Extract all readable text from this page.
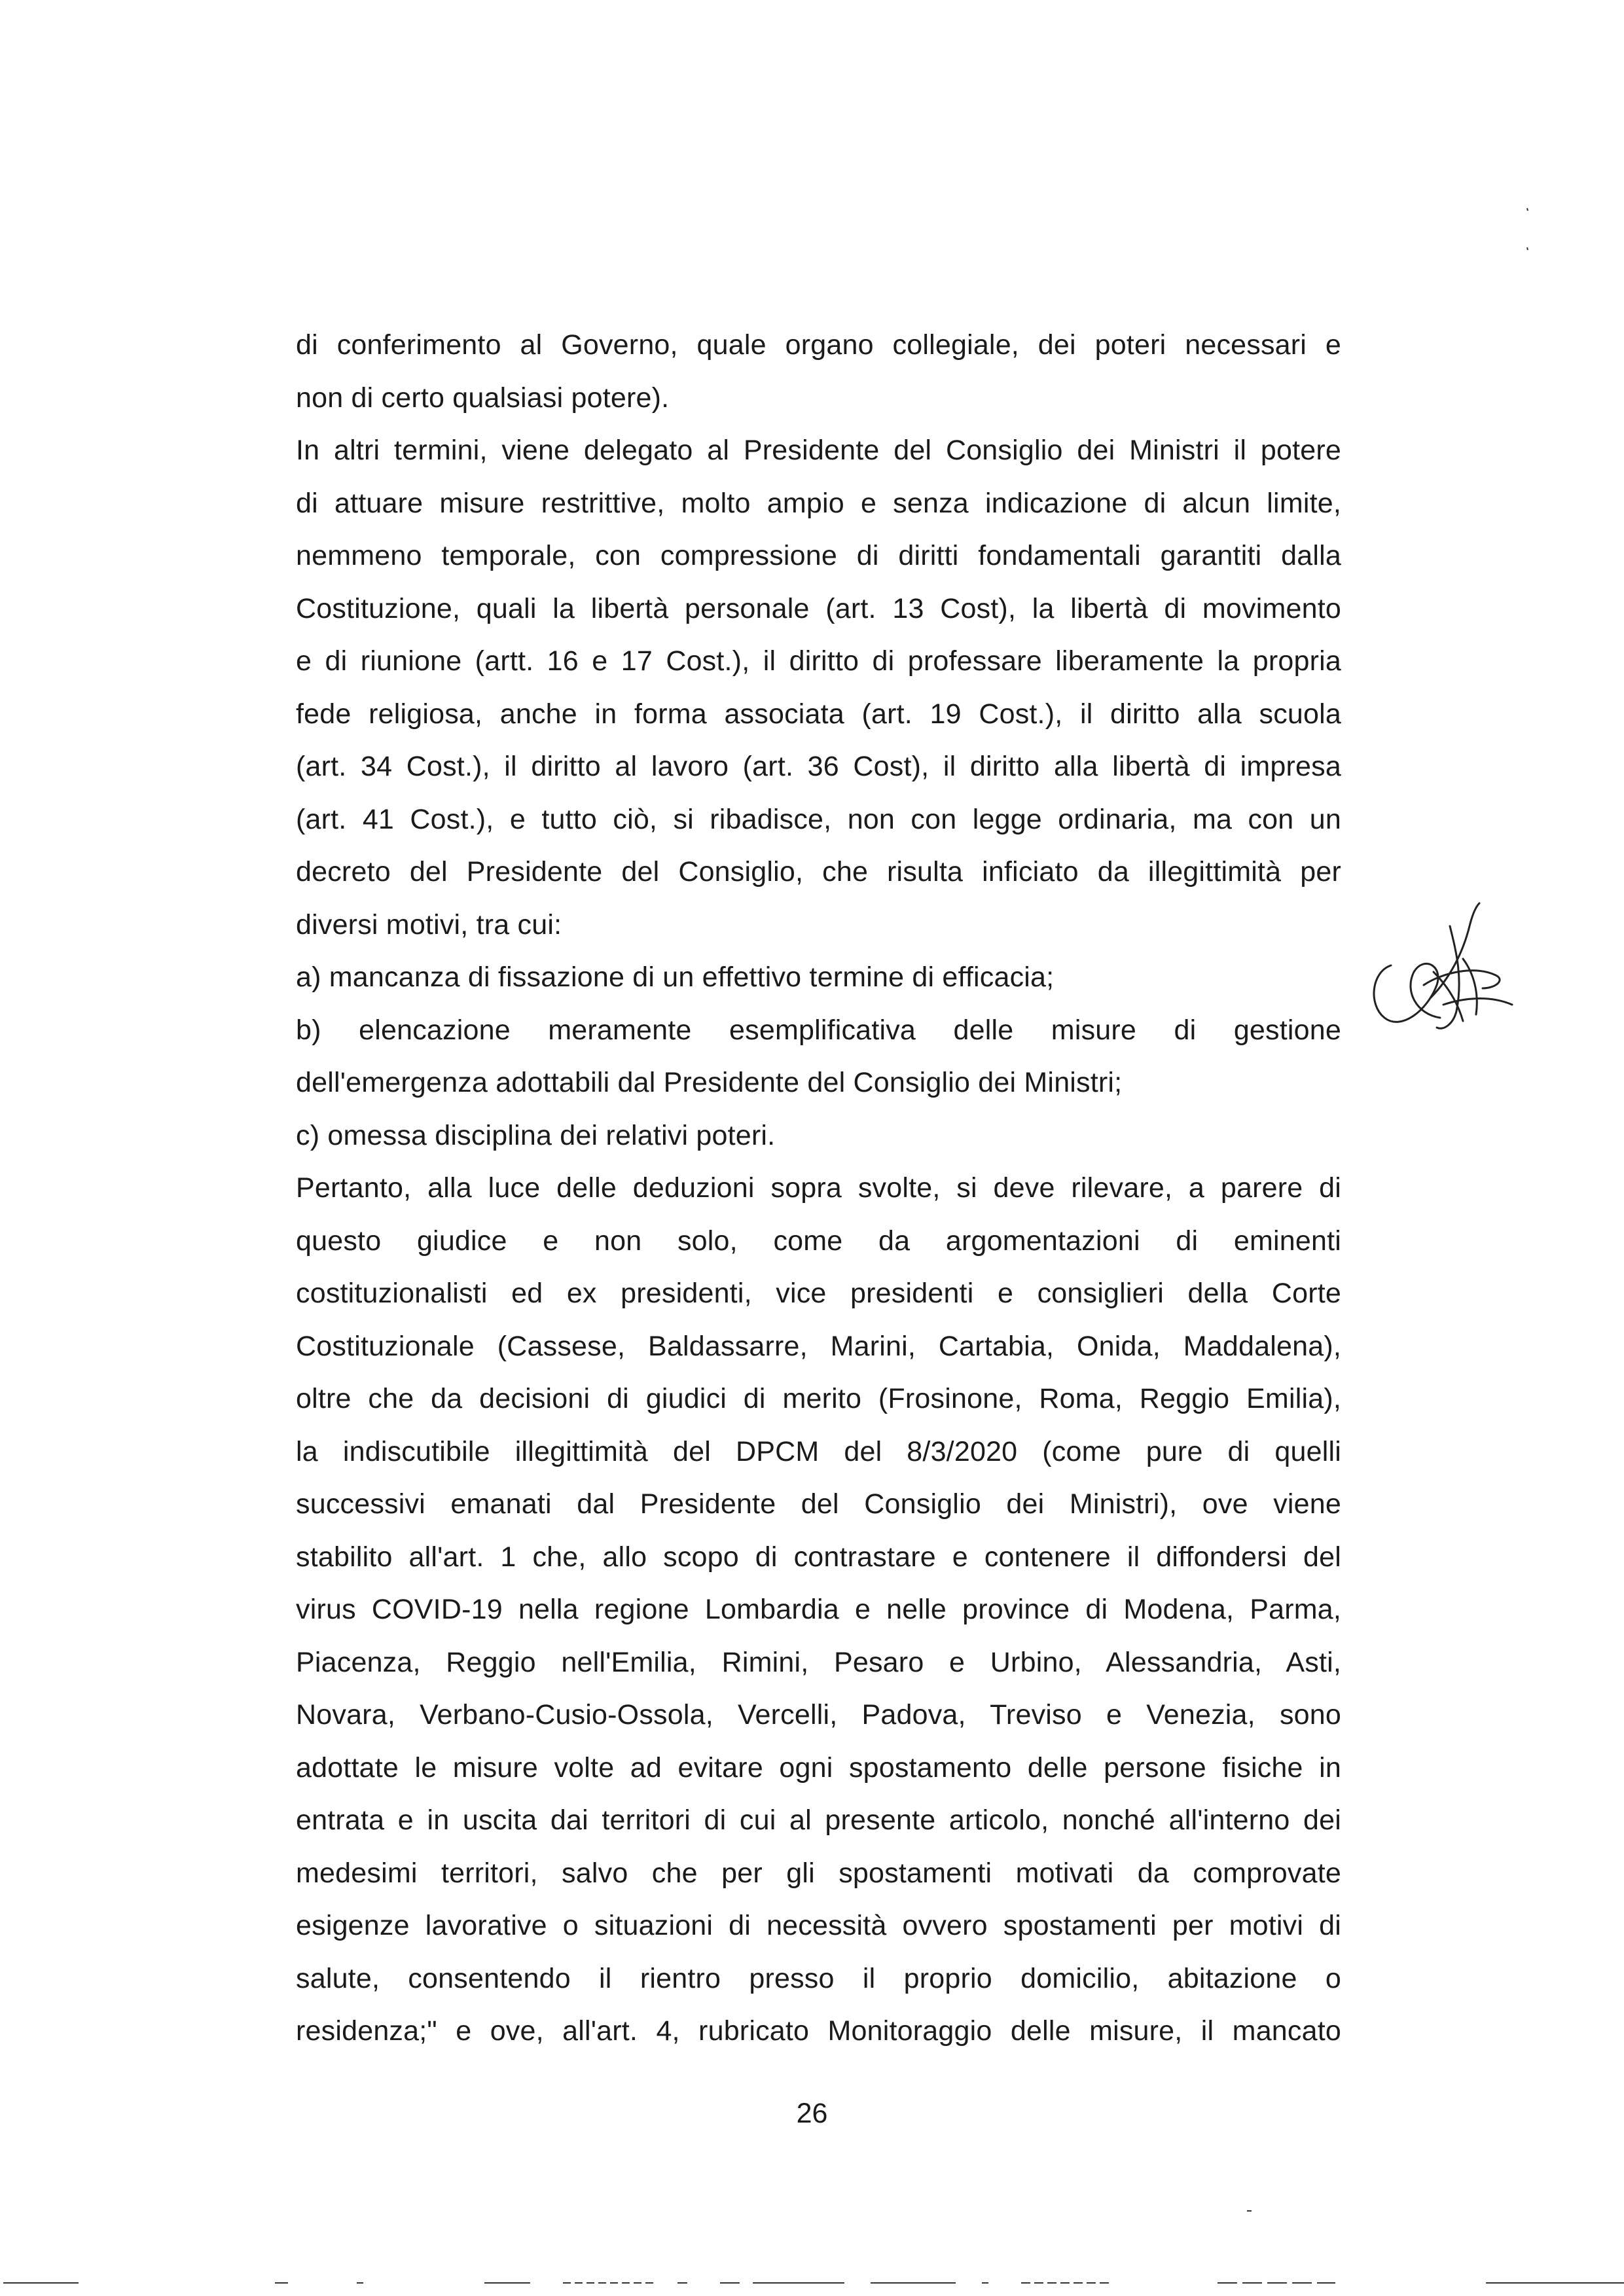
di conferimento al Governo, quale organo collegiale, dei poteri necessari e
non di certo qualsiasi potere).
In altri termini, viene delegato al Presidente del Consiglio dei Ministri il potere
di attuare misure restrittive, molto ampio e senza indicazione di alcun limite,
nemmeno temporale, con compressione di diritti fondamentali garantiti dalla
Costituzione, quali la libertà personale (art. 13 Cost), la libertà di movimento
e di riunione (artt. 16 e 17 Cost.), il diritto di professare liberamente la propria
fede religiosa, anche in forma associata (art. 19 Cost.), il diritto alla scuola
(art. 34 Cost.), il diritto al lavoro (art. 36 Cost), il diritto alla libertà di impresa
(art. 41 Cost.), e tutto ciò, si ribadisce, non con legge ordinaria, ma con un
decreto del Presidente del Consiglio, che risulta inficiato da illegittimità per
diversi motivi, tra cui:
a) mancanza di fissazione di un effettivo termine di efficacia;
b) elencazione meramente esemplificativa delle misure di gestione
dell'emergenza adottabili dal Presidente del Consiglio dei Ministri;
c) omessa disciplina dei relativi poteri.
Pertanto, alla luce delle deduzioni sopra svolte, si deve rilevare, a parere di
questo giudice e non solo, come da argomentazioni di eminenti
costituzionalisti ed ex presidenti, vice presidenti e consiglieri della Corte
Costituzionale (Cassese, Baldassarre, Marini, Cartabia, Onida, Maddalena),
oltre che da decisioni di giudici di merito (Frosinone, Roma, Reggio Emilia),
la indiscutibile illegittimità del DPCM del 8/3/2020 (come pure di quelli
successivi emanati dal Presidente del Consiglio dei Ministri), ove viene
stabilito all'art. 1 che, allo scopo di contrastare e contenere il diffondersi del
virus COVID-19 nella regione Lombardia e nelle province di Modena, Parma,
Piacenza, Reggio nell'Emilia, Rimini, Pesaro e Urbino, Alessandria, Asti,
Novara, Verbano-Cusio-Ossola, Vercelli, Padova, Treviso e Venezia, sono
adottate le misure volte ad evitare ogni spostamento delle persone fisiche in
entrata e in uscita dai territori di cui al presente articolo, nonché all'interno dei
medesimi territori, salvo che per gli spostamenti motivati da comprovate
esigenze lavorative o situazioni di necessità ovvero spostamenti per motivi di
salute, consentendo il rientro presso il proprio domicilio, abitazione o
residenza;" e ove, all'art. 4, rubricato Monitoraggio delle misure, il mancato
26
